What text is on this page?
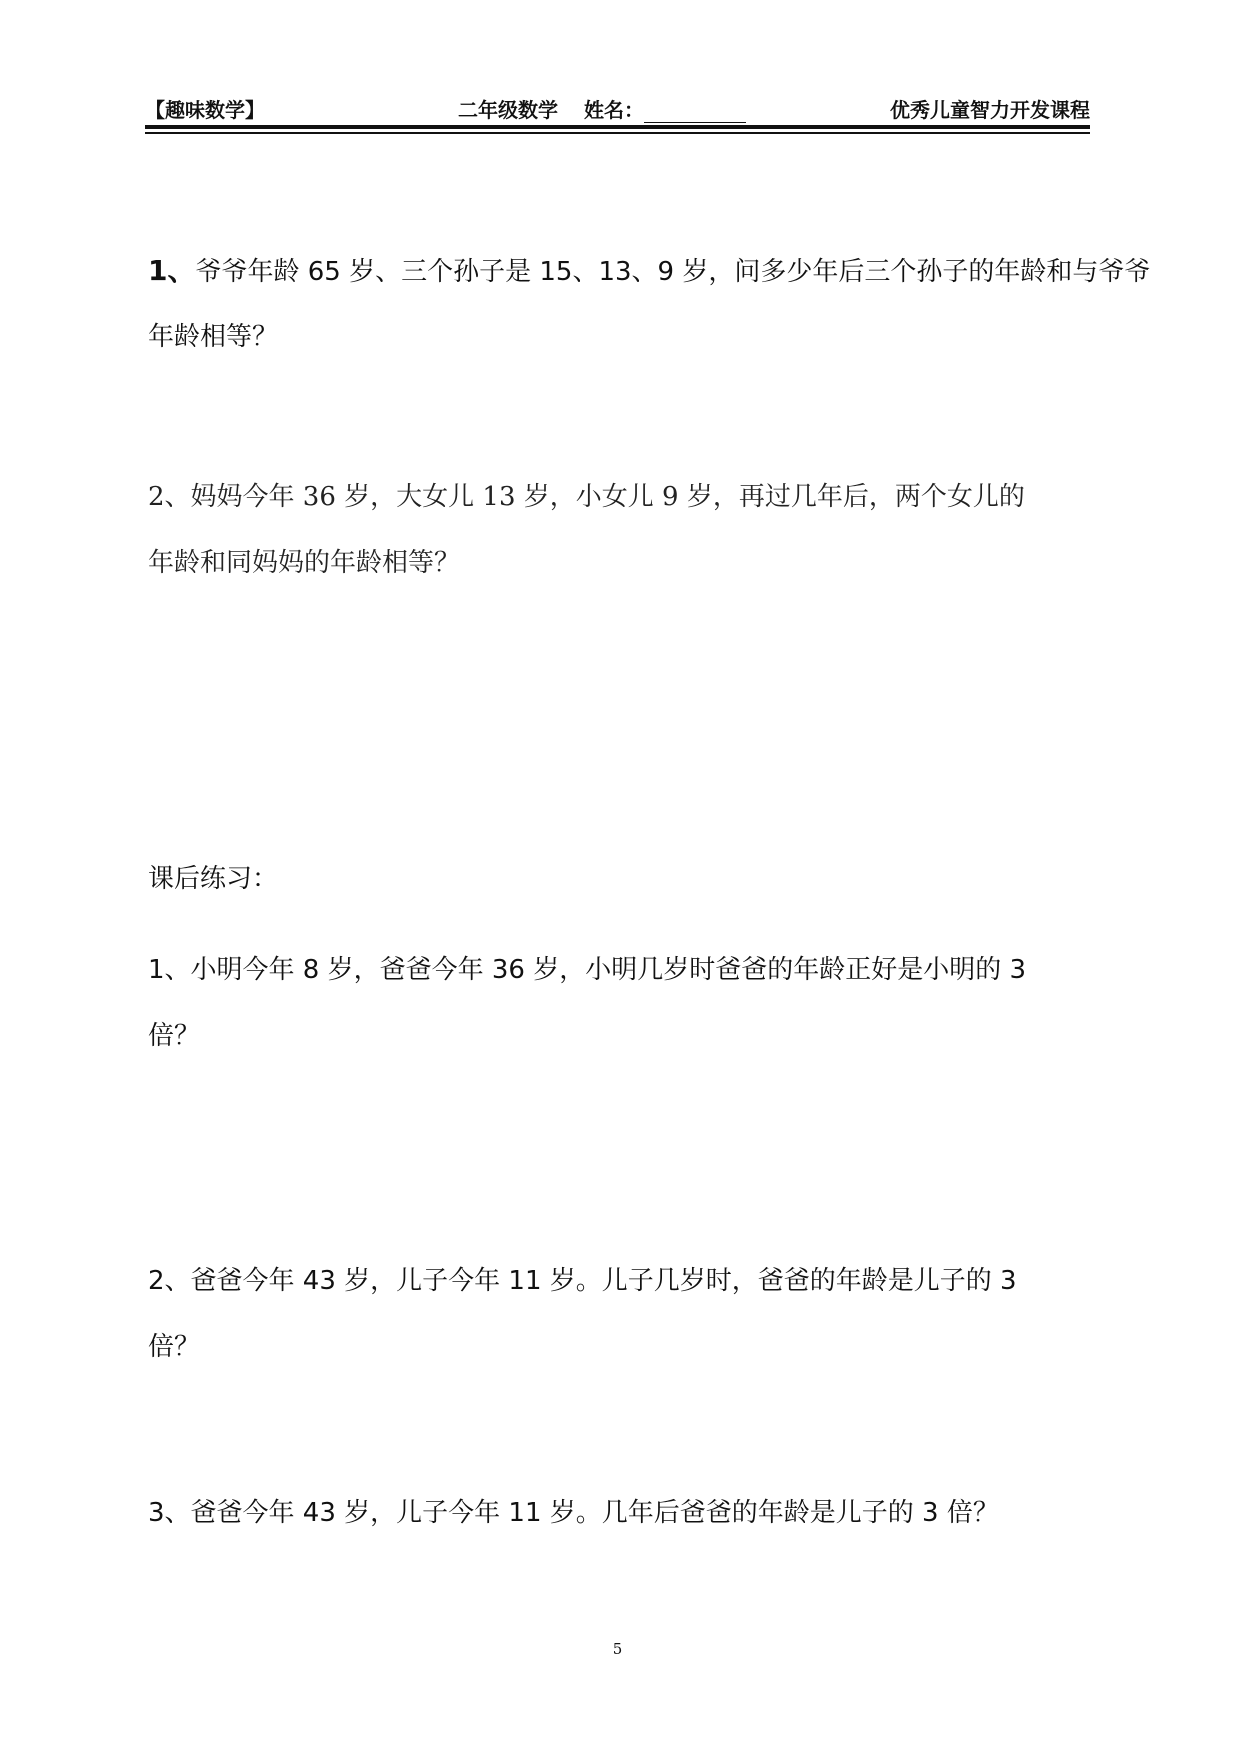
【趣味数学】	二年级数学 姓名：	优秀儿童智力开发课程
1、爷爷年龄 65 岁、三个孙子是 15、13、9 岁，问多少年后三个孙子的年龄和与爷爷
年龄相等？
2、妈妈今年 36 岁，大女儿 13 岁，小女儿 9 岁，再过几年后，两个女儿的
年龄和同妈妈的年龄相等？
课后练习：
1、小明今年 8 岁，爸爸今年 36 岁，小明几岁时爸爸的年龄正好是小明的 3
倍？
2、爸爸今年 43 岁，儿子今年 11 岁。儿子几岁时，爸爸的年龄是儿子的 3
倍？
3、爸爸今年 43 岁，儿子今年 11 岁。几年后爸爸的年龄是儿子的 3 倍？
5
